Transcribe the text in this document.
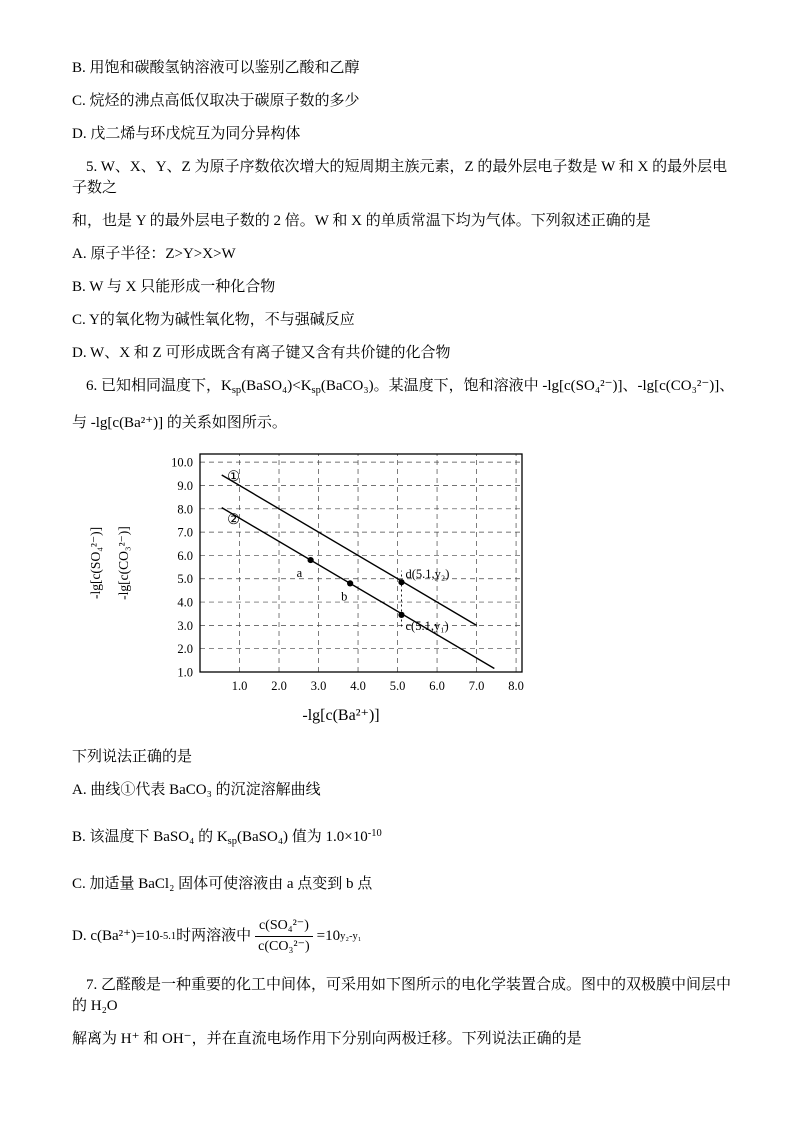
B. 用饱和碳酸氢钠溶液可以鉴别乙酸和乙醇

C. 烷烃的沸点高低仅取决于碳原子数的多少

D. 戊二烯与环戊烷互为同分异构体

5. W、X、Y、Z 为原子序数依次增大的短周期主族元素，Z 的最外层电子数是 W 和 X 的最外层电子数之

和，也是 Y 的最外层电子数的 2 倍。W 和 X 的单质常温下均为气体。下列叙述正确的是

A. 原子半径：Z>Y>X>W

B. W 与 X 只能形成一种化合物

C. Y的氧化物为碱性氧化物，不与强碱反应

D. W、X 和 Z 可形成既含有离子键又含有共价键的化合物

6. 已知相同温度下，$K_{sp}(BaSO_4)<K_{sp}(BaCO_3)$。某温度下，饱和溶液中 -lg[c(SO₄²⁻)]、-lg[c(CO₃²⁻)]、

与 -lg[c(Ba²⁺)] 的关系如图所示。

a
b
c(5.1,y₁)
d(5.1,y₂)
①
②
10.0
9.0
8.0
7.0
6.0
5.0
4.0
3.0
2.0
1.0
1.0 2.0 3.0 4.0 5.0 6.0 7.0 8.0
-lg[c(Ba²⁺)]
-lg[c(SO₄²⁻)] -lg[c(CO₃²⁻)]

下列说法正确的是

A. 曲线①代表 BaCO₃ 的沉淀溶解曲线

B. 该温度下 BaSO₄ 的 $K_{sp}(BaSO_4)$ 值为 $1.0\times 10^{-10}$

C. 加适量 BaCl₂ 固体可使溶液由 a 点变到 b 点

D. c(Ba²⁺)=10 -5.1 时两溶液中 $\frac{\text{c(SO₄²⁻)}}{\text{c(CO₃²⁻)}} =10$ y₂-y₁

7. 乙醛酸是一种重要的化工中间体，可采用如下图所示的电化学装置合成。图中的双极膜中间层中的 H₂O

解离为 H⁺ 和 OH⁻，并在直流电场作用下分别向两极迁移。下列说法正确的是
